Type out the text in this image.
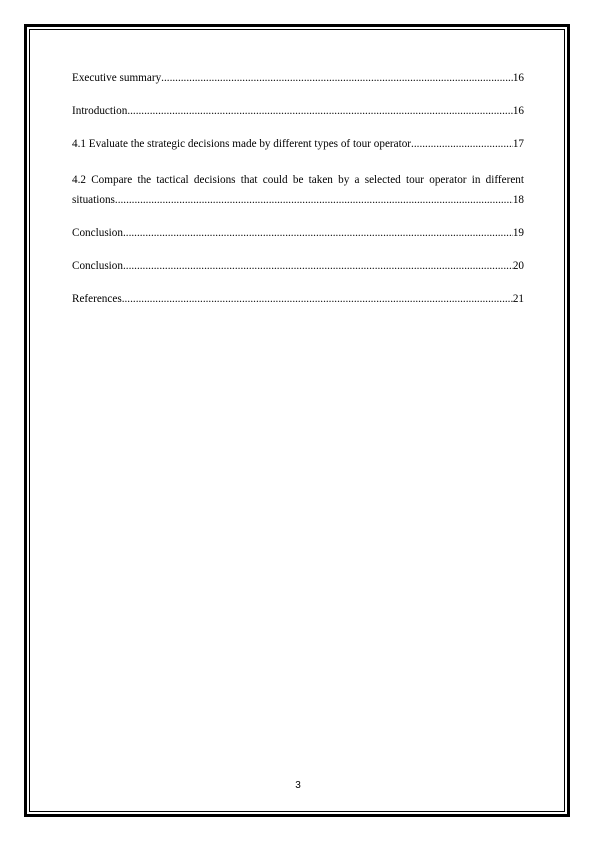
Executive summary .....	16
Introduction .....	16
4.1 Evaluate the strategic decisions made by different types of tour operator .....	17
4.2 Compare the tactical decisions that could be taken by a selected tour operator in different
situations .....	18
Conclusion .....	19
Conclusion .....	20
References .....	21
3
